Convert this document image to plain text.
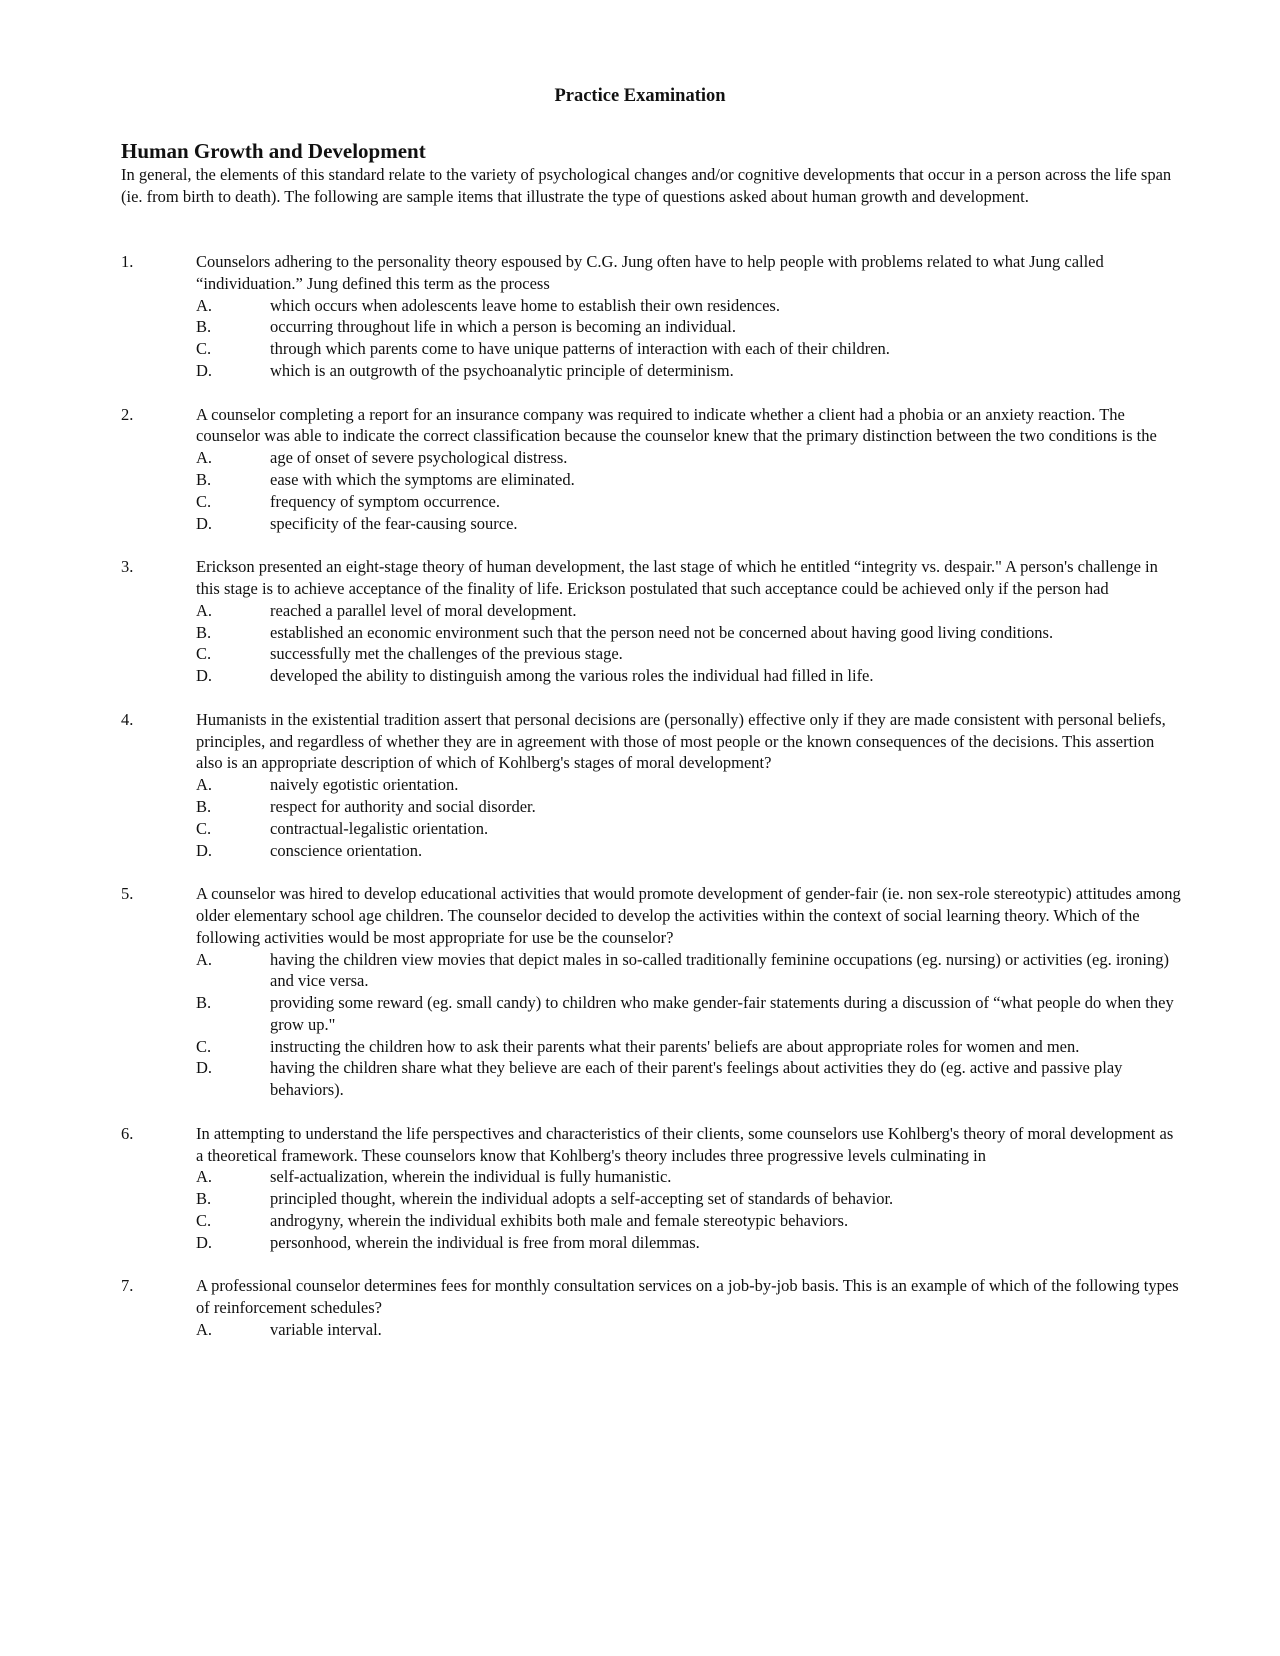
Practice Examination
Human Growth and Development
In general, the elements of this standard relate to the variety of psychological changes and/or cognitive developments that occur in a person across the life span (ie. from birth to death). The following are sample items that illustrate the type of questions asked about human growth and development.
1.	Counselors adhering to the personality theory espoused by C.G. Jung often have to help people with problems related to what Jung called “individuation.” Jung defined this term as the process
A.	which occurs when adolescents leave home to establish their own residences.
B.	occurring throughout life in which a person is becoming an individual.
C.	through which parents come to have unique patterns of interaction with each of their children.
D.	which is an outgrowth of the psychoanalytic principle of determinism.
2.	A counselor completing a report for an insurance company was required to indicate whether a client had a phobia or an anxiety reaction. The counselor was able to indicate the correct classification because the counselor knew that the primary distinction between the two conditions is the
A.	age of onset of severe psychological distress.
B.	ease with which the symptoms are eliminated.
C.	frequency of symptom occurrence.
D.	specificity of the fear-causing source.
3.	Erickson presented an eight-stage theory of human development, the last stage of which he entitled “integrity vs. despair." A person's challenge in this stage is to achieve acceptance of the finality of life. Erickson postulated that such acceptance could be achieved only if the person had
A.	reached a parallel level of moral development.
B.	established an economic environment such that the person need not be concerned about having good living conditions.
C.	successfully met the challenges of the previous stage.
D.	developed the ability to distinguish among the various roles the individual had filled in life.
4.	Humanists in the existential tradition assert that personal decisions are (personally) effective only if they are made consistent with personal beliefs, principles, and regardless of whether they are in agreement with those of most people or the known consequences of the decisions. This assertion also is an appropriate description of which of Kohlberg's stages of moral development?
A.	naively egotistic orientation.
B.	respect for authority and social disorder.
C.	contractual-legalistic orientation.
D.	conscience orientation.
5.	A counselor was hired to develop educational activities that would promote development of gender-fair (ie. non sex-role stereotypic) attitudes among older elementary school age children. The counselor decided to develop the activities within the context of social learning theory. Which of the following activities would be most appropriate for use be the counselor?
A.	having the children view movies that depict males in so-called traditionally feminine occupations (eg. nursing) or activities (eg. ironing) and vice versa.
B.	providing some reward (eg. small candy) to children who make gender-fair statements during a discussion of “what people do when they grow up."
C.	instructing the children how to ask their parents what their parents' beliefs are about appropriate roles for women and men.
D.	having the children share what they believe are each of their parent's feelings about activities they do (eg. active and passive play behaviors).
6.	In attempting to understand the life perspectives and characteristics of their clients, some counselors use Kohlberg's theory of moral development as a theoretical framework. These counselors know that Kohlberg's theory includes three progressive levels culminating in
A.	self-actualization, wherein the individual is fully humanistic.
B.	principled thought, wherein the individual adopts a self-accepting set of standards of behavior.
C.	androgyny, wherein the individual exhibits both male and female stereotypic behaviors.
D.	personhood, wherein the individual is free from moral dilemmas.
7.	A professional counselor determines fees for monthly consultation services on a job-by-job basis. This is an example of which of the following types of reinforcement schedules?
A.	variable interval.
